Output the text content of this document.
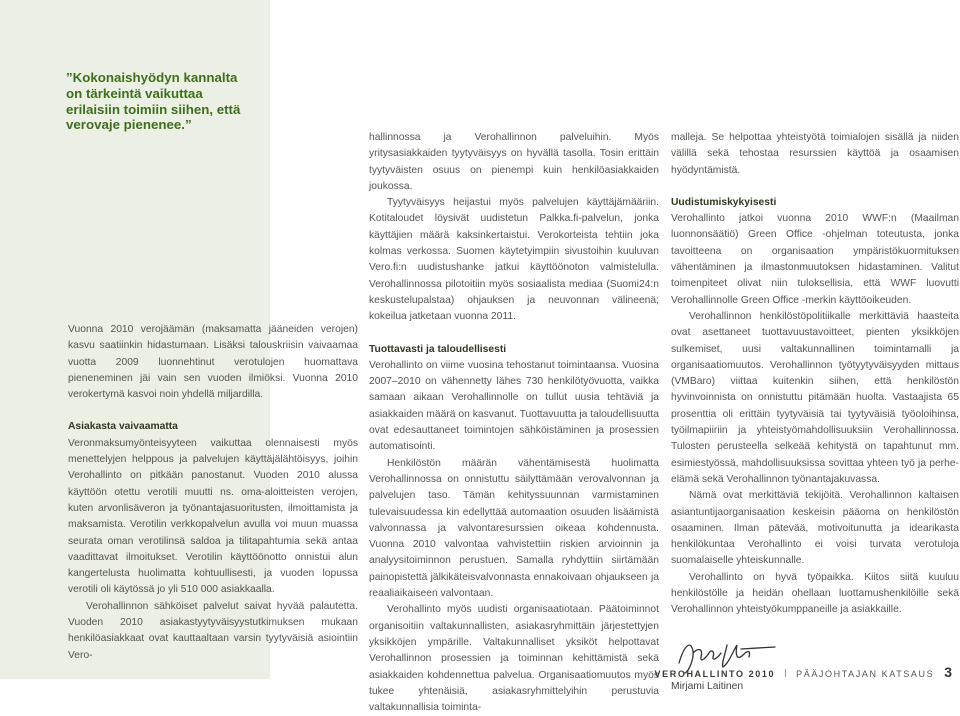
”Kokonaishyödyn kannalta
on tärkeintä vaikuttaa
erilaisiin toimiin siihen, että
verovaje pienenee.”

Vuonna 2010 verojäämän (maksamatta jääneiden verojen) kasvu saatiinkin hidastumaan. Lisäksi talouskriisin vaivaamaa vuotta 2009 luonnehtinut verotulojen huomattava pienenеminen jäi vain sen vuoden ilmiöksi. Vuonna 2010 verokertymä kasvoi noin yhdellä miljardilla.

Asiakasta vaivaamatta

Veronmaksumyönteisyyteen vaikuttaa olennaisesti myös menettelyjen helppous ja palvelujen käyttäjälähtöisyys, joihin Verohallinto on pitkään panostanut. Vuoden 2010 alussa käyttöön otettu verotili muutti ns. oma-aloitteisten verojen, kuten arvonlisäveron ja työnantajasuoritusten, ilmoittamista ja maksamista. Verotilin verkkopalvelun avulla voi muun muassa seurata oman verotilinsä saldoa ja tilitapahtumia sekä antaa vaadittavat ilmoitukset. Verotilin käyttöönotto onnistui alun kangertelusta huolimatta kohtuullisesti, ja vuoden lopussa verotili oli käytössä jo yli 510 000 asiakkaalla.

Verohallinnon sähköiset palvelut saivat hyvää palautetta. Vuoden 2010 asiakastyytyväisyystutkimuksen mukaan henkilöasiakkaat ovat kauttaaltaan varsin tyytyväisiä asiointiin Vero-

hallinnossa ja Verohallinnon palveluihin. Myös yritysasiakkaiden tyytyväisyys on hyvällä tasolla. Tosin erittäin tyytyväisten osuus on pienempi kuin henkilöasiakkaiden joukossa.

Tyytyväisyys heijastui myös palvelujen käyttäjämääriin. Kotitaloudet löysivät uudistetun Palkka.fi-palvelun, jonka käyttäjien määrä kaksinkertaistui. Verokorteista tehtiin joka kolmas verkossa. Suomen käytetyimpiin sivustoihin kuuluvan Vero.fi:n uudistushanke jatkui käyttöönoton valmistelulla. Verohallinnossa pilotoitiin myös sosiaalista mediaa (Suomi24:n keskustelupalstaa) ohjauksen ja neuvonnan välineenä; kokeilua jatketaan vuonna 2011.

Tuottavasti ja taloudellisesti

Verohallinto on viime vuosina tehostanut toimintaansa. Vuosina 2007–2010 on vähennetty lähes 730 henkilötyövuotta, vaikka samaan aikaan Verohallinnolle on tullut uusia tehtäviä ja asiakkaiden määrä on kasvanut. Tuottavuutta ja taloudellisuutta ovat edesauttaneet toimintojen sähköistäminen ja prosessien automatisointi.

Henkilöstön määrän vähentämisestä huolimatta Verohallinnossa on onnistuttu säilyttämään verovalvonnan ja palvelujen taso. Tämän kehityssuunnan varmistaminen tulevaisuudessa kin edellyttää automaation osuuden lisäämistä valvonnassa ja valvontaresurssien oikeaa kohdennusta. Vuonna 2010 valvontaa vahvistettiin riskien arvioinnin ja analyysitoiminnon perustuen. Samalla ryhdyttiin siirtämään painopistettä jälkikäteisvalvonnasta ennakoivaan ohjaukseen ja reaaliaikaiseen valvontaan.

Verohallinto myös uudisti organisaatiotaan. Päätoiminnot organisoitiin valtakunnallisten, asiakasryhmittäin järjestettyjen yksikköjen ympärille. Valtakunnalliset yksiköt helpottavat Verohallinnon prosessien ja toiminnan kehittämistä sekä asiakkaiden kohdennettua palvelua. Organisaatiomuutos myös tukee yhtenäisiä, asiakasryhmittelyihin perustuvia valtakunnallisia toiminta-

malleja. Se helpottaa yhteistyötä toimialojen sisällä ja niiden välillä sekä tehostaa resurssien käyttöä ja osaamisen hyödyntämistä.

Uudistumiskykyisesti

Verohallinto jatkoi vuonna 2010 WWF:n (Maailman luonnonsäätiö) Green Office -ohjelman toteutusta, jonka tavoitteena on organisaation ympäristökuormituksen vähentäminen ja ilmastonmuutoksen hidastaminen. Valitut toimenpiteet olivat niin tuloksellisia, että WWF luovutti Verohallinnolle Green Office -merkin käyttöoikeuden.

Verohallinnon henkilöstöpolitiikalle merkittäviä haasteita ovat asettaneet tuottavuustavoitteet, pienten yksikköjen sulkemiset, uusi valtakunnallinen toimintamalli ja organisaatiomuutos. Verohallinnon työtyytyväisyyden mittaus (VMBaro) viittaa kuitenkin siihen, että henkilöstön hyvinvoinnista on onnistuttu pitämään huolta. Vastaajista 65 prosenttia oli erittäin tyytyväisiä tai tyytyväisiä työoloihinsa, työilmapiiriin ja yhteistyömahdollisuuksiin Verohallinnossa. Tulosten perusteella selkeää kehitystä on tapahtunut mm. esimiestyössä, mahdollisuuksissa sovittaa yhteen työ ja perhe-elämä sekä Verohallinnon työnantajakuvassa.

Nämä ovat merkittäviä tekijöitä. Verohallinnon kaltaisen asiantuntijaorganisaation keskeisin pääoma on henkilöstön osaaminen. Ilman pätevää, motivoitunutta ja idearikasta henkilökuntaa Verohallinto ei voisi turvata verotulojа suomalaiselle yhteiskunnalle.

Verohallinto on hyvä työpaikka. Kiitos siitä kuuluu henkilöstölle ja heidän ohellaan luottamushenkilöille sekä Verohallinnon yhteistyökumppaneille ja asiakkaille.

Mirjami Laitinen
VEROHALLINTO 2010 PÄÄJOHTAJAN KATSAUS 3
